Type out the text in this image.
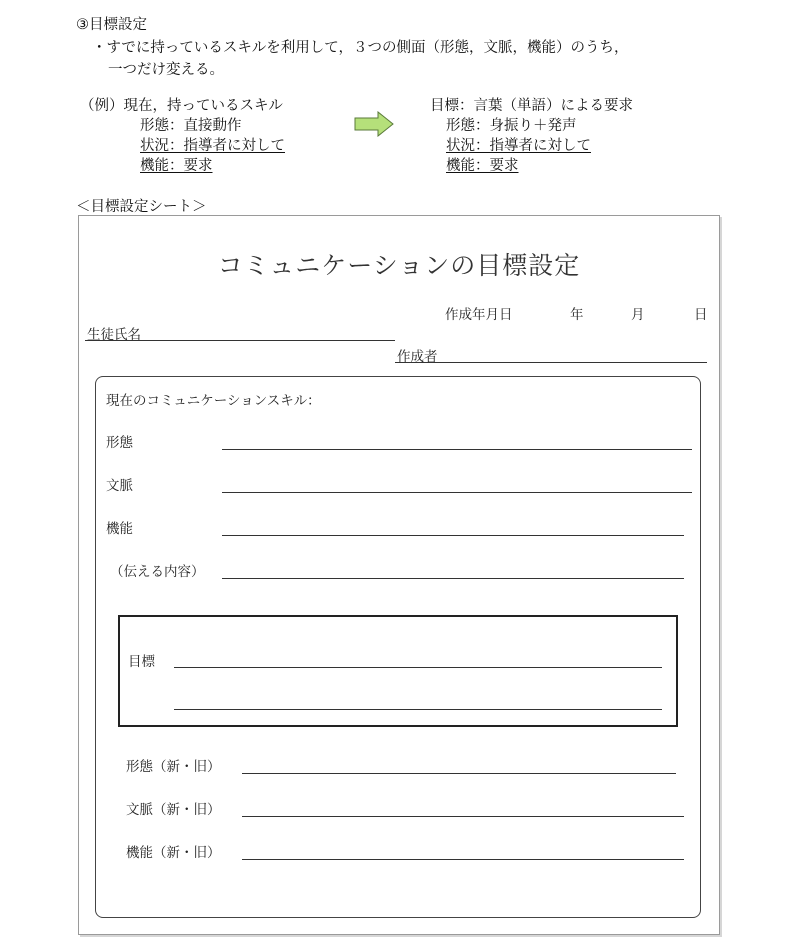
③目標設定
・すでに持っているスキルを利用して，３つの側面（形態，文脈，機能）のうち，
一つだけ変える。
（例）現在，持っているスキル
形態：直接動作
状況：指導者に対して
機能：要求
目標：言葉（単語）による要求
形態：身振り＋発声
状況：指導者に対して
機能：要求
＜目標設定シート＞
コミュニケーションの目標設定
作成年月日	年	月	日
生徒氏名
作成者
現在のコミュニケーションスキル：
形態
文脈
機能
（伝える内容）
目標
形態（新・旧）
文脈（新・旧）
機能（新・旧）
